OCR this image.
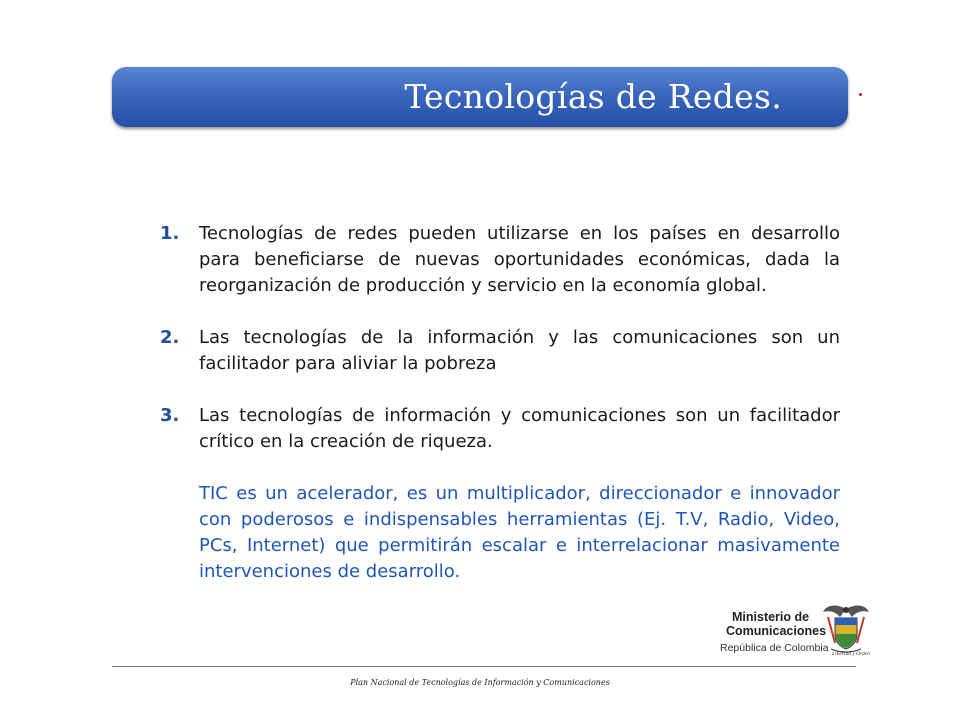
Tecnologías de Redes.
1.	Tecnologías de redes pueden utilizarse en los países en desarrollo para beneficiarse de nuevas oportunidades económicas, dada la reorganización de producción y servicio en la economía global.
2.	Las tecnologías de la información y las comunicaciones son un facilitador para aliviar la pobreza
3.	Las tecnologías de información y comunicaciones son un facilitador crítico en la creación de riqueza.
TIC es un acelerador, es un multiplicador, direccionador e innovador con poderosos e indispensables herramientas (Ej. T.V, Radio, Video, PCs, Internet) que permitirán escalar e interrelacionar masivamente intervenciones de desarrollo.
Ministerio de
Comunicaciones
República de Colombia Libertad y Orden
Plan Nacional de Tecnologías de Información y Comunicaciones
